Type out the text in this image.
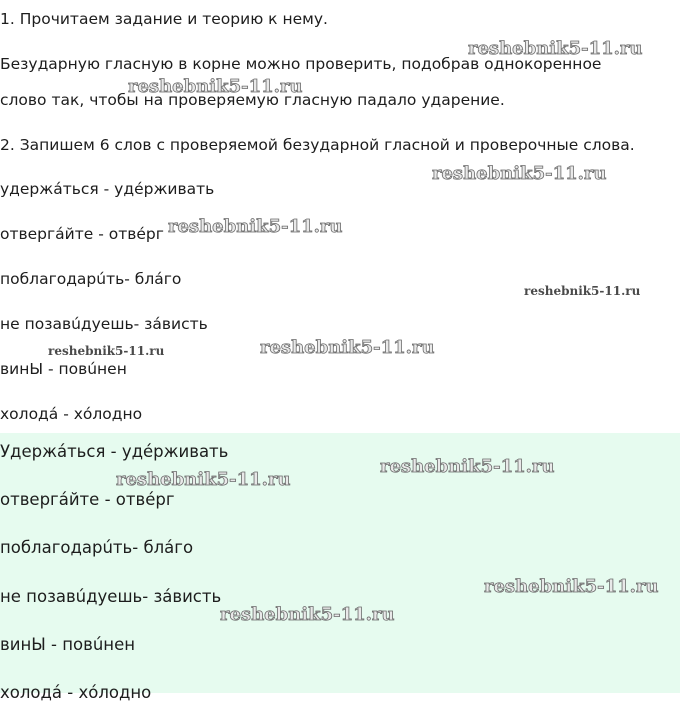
1. Прочитаем задание и теорию к нему.
Безударную гласную в корне можно проверить, подобрав однокоренное
слово так, чтобы на проверяемую гласную падало ударение.
2. Запишем 6 слов с проверяемой безударной гласной и проверочные слова.
удержáться - удéрживать
отвергáйте - отвéрг
поблагодарúть- блáго
не позавúдуешь- зáвисть
винЫ - повúнен
холодá - хóлодно
Удержáться - удéрживать
отвергáйте - отвéрг
поблагодарúть- блáго
не позавúдуешь- зáвисть
винЫ - повúнен
холодá - хóлодно
reshebnik5-11.ru
reshebnik5-11.ru
reshebnik5-11.ru
reshebnik5-11.ru
reshebnik5-11.ru
reshebnik5-11.ru
reshebnik5-11.ru
reshebnik5-11.ru
reshebnik5-11.ru
reshebnik5-11.ru
reshebnik5-11.ru
